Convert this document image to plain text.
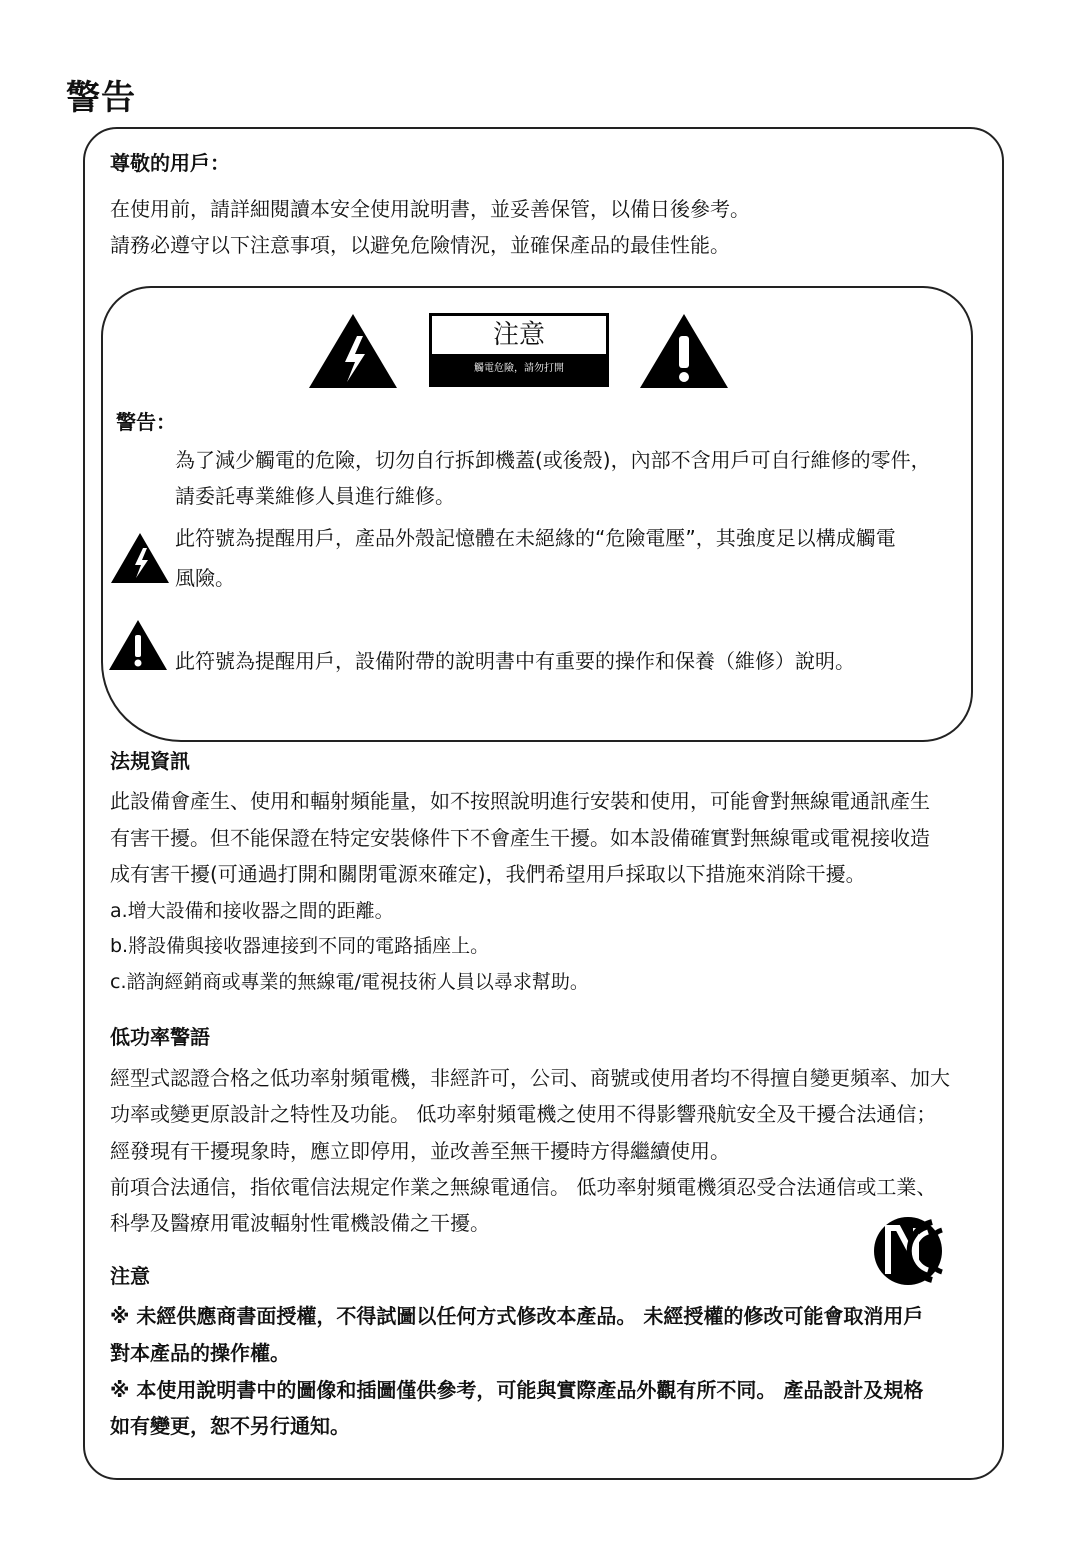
警告
尊敬的用戶：
在使用前，請詳細閱讀本安全使用說明書，並妥善保管，以備日後參考。
請務必遵守以下注意事項，以避免危險情況，並確保產品的最佳性能。
注意
觸電危險，請勿打開
警告：
為了減少觸電的危險，切勿自行拆卸機蓋(或後殼)，內部不含用戶可自行維修的零件，
請委託專業維修人員進行維修。
此符號為提醒用戶，產品外殼記憶體在未絕緣的“危險電壓”，其強度足以構成觸電
風險。
此符號為提醒用戶，設備附帶的說明書中有重要的操作和保養（維修）說明。
法規資訊
此設備會產生、使用和輻射頻能量，如不按照說明進行安裝和使用，可能會對無線電通訊產生
有害干擾。但不能保證在特定安裝條件下不會產生干擾。如本設備確實對無線電或電視接收造
成有害干擾(可通過打開和關閉電源來確定)，我們希望用戶採取以下措施來消除干擾。
a.增大設備和接收器之間的距離。
b.將設備與接收器連接到不同的電路插座上。
c.諮詢經銷商或專業的無線電/電視技術人員以尋求幫助。
低功率警語
經型式認證合格之低功率射頻電機，非經許可，公司、商號或使用者均不得擅自變更頻率、加大
功率或變更原設計之特性及功能。 低功率射頻電機之使用不得影響飛航安全及干擾合法通信；
經發現有干擾現象時，應立即停用，並改善至無干擾時方得繼續使用。
前項合法通信，指依電信法規定作業之無線電通信。 低功率射頻電機須忍受合法通信或工業、
科學及醫療用電波輻射性電機設備之干擾。
注意
※ 未經供應商書面授權，不得試圖以任何方式修改本產品。 未經授權的修改可能會取消用戶
對本產品的操作權。
※ 本使用說明書中的圖像和插圖僅供參考，可能與實際產品外觀有所不同。 產品設計及規格
如有變更，恕不另行通知。
